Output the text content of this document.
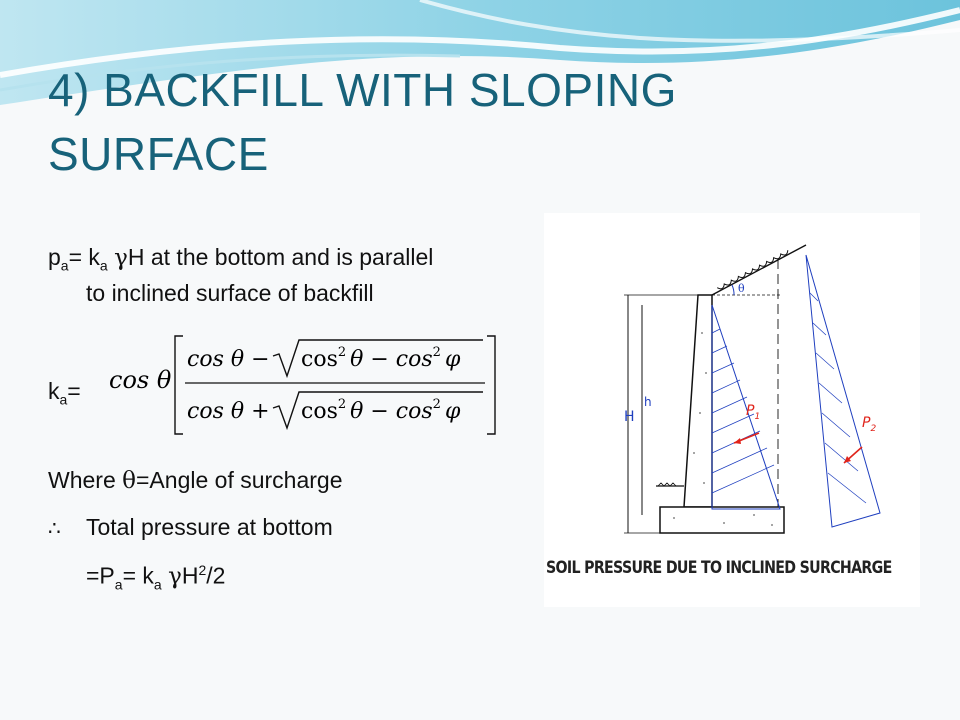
4) BACKFILL WITH SLOPING SURFACE
$p_a= k_a$ γH at the bottom and is parallel
to inclined surface of backfill
$k_a=$
Where θ=Angle of surcharge
∴ Total pressure at bottom
$=P_a= k_a$ $\gamma H^2/2$
cos θ
$\cos \theta - \cos^2 \theta - \cos^2 \varphi$
$\cos \theta + \cos^2 \theta - \cos^2 \varphi$	H
h
θ
$P_1$	$P_2$
SOIL PRESSURE DUE TO INCLINED SURCHARGE
